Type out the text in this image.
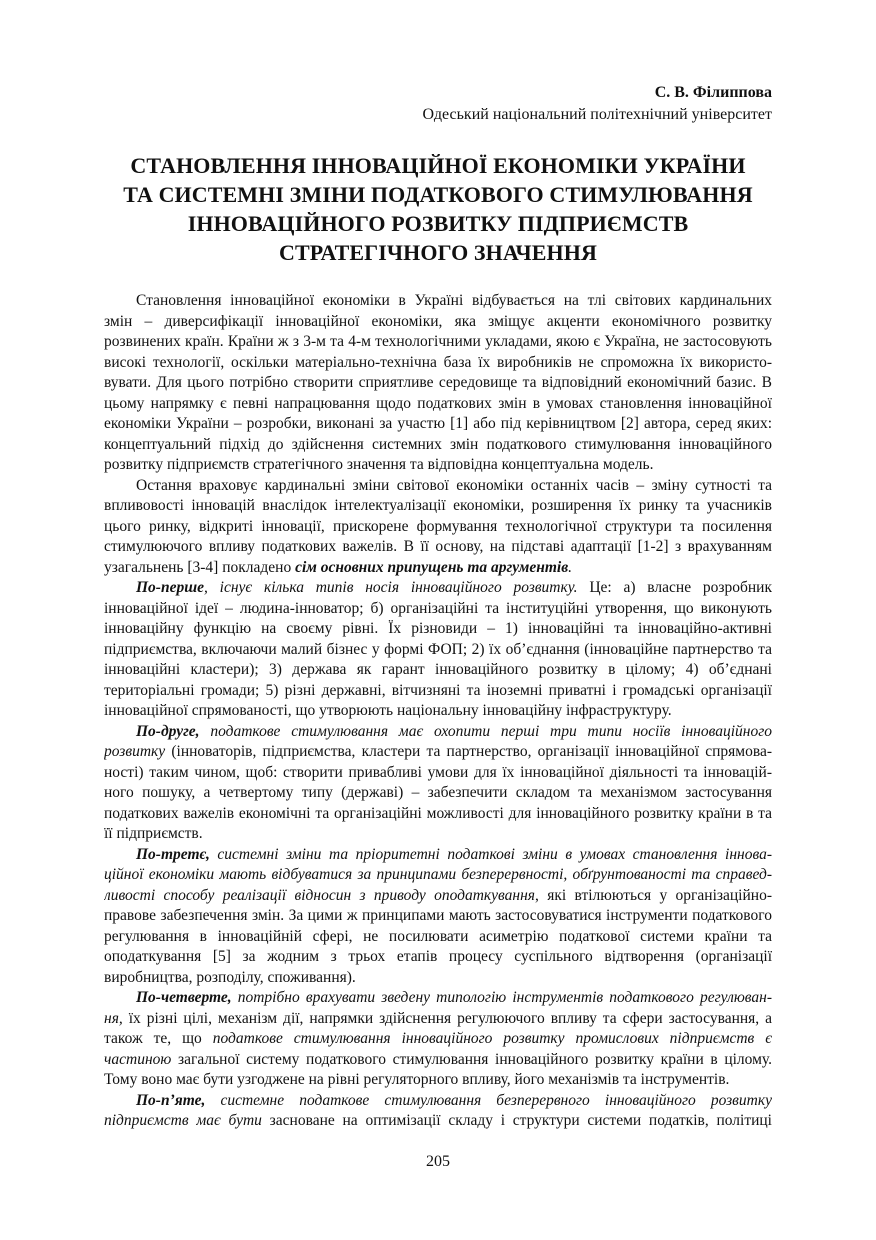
С. В. Філиппова
Одеський національний політехнічний університет
СТАНОВЛЕННЯ ІННОВАЦІЙНОЇ ЕКОНОМІКИ УКРАЇНИ
ТА СИСТЕМНІ ЗМІНИ ПОДАТКОВОГО СТИМУЛЮВАННЯ
ІННОВАЦІЙНОГО РОЗВИТКУ ПІДПРИЄМСТВ
СТРАТЕГІЧНОГО ЗНАЧЕННЯ
Становлення інноваційної економіки в Україні відбувається на тлі світових кардинальних
змін – диверсифікації інноваційної економіки, яка зміщує акценти економічного розвитку
розвинених країн. Країни ж з 3-м та 4-м технологічними укладами, якою є Україна, не застосовують
високі технології, оскільки матеріально-технічна база їх виробників не спроможна їх використо-
вувати. Для цього потрібно створити сприятливе середовище та відповідний економічний базис. В
цьому напрямку є певні напрацювання щодо податкових змін в умовах становлення інноваційної
економіки України – розробки, виконані за участю [1] або під керівництвом [2] автора, серед яких:
концептуальний підхід до здійснення системних змін податкового стимулювання інноваційного
розвитку підприємств стратегічного значення та відповідна концептуальна модель.
Остання враховує кардинальні зміни світової економіки останніх часів – зміну сутності та
впливовості інновацій внаслідок інтелектуалізації економіки, розширення їх ринку та учасників
цього ринку, відкриті інновації, прискорене формування технологічної структури та посилення
стимулюючого впливу податкових важелів. В її основу, на підставі адаптації [1-2] з врахуванням
узагальнень [3-4] покладено сім основних припущень та аргументів.
По-перше, існує кілька типів носія інноваційного розвитку. Це: а) власне розробник
інноваційної ідеї – людина-інноватор; б) організаційні та інституційні утворення, що виконують
інноваційну функцію на своєму рівні. Їх різновиди – 1) інноваційні та інноваційно-активні
підприємства, включаючи малий бізнес у формі ФОП; 2) їх об’єднання (інноваційне партнерство та
інноваційні кластери); 3) держава як гарант інноваційного розвитку в цілому; 4) об’єднані
територіальні громади; 5) різні державні, вітчизняні та іноземні приватні і громадські організації
інноваційної спрямованості, що утворюють національну інноваційну інфраструктуру.
По-друге, податкове стимулювання має охопити перші три типи носіїв інноваційного
розвитку (інноваторів, підприємства, кластери та партнерство, організації інноваційної спрямова-
ності) таким чином, щоб: створити привабливі умови для їх інноваційної діяльності та інновацій-
ного пошуку, а четвертому типу (державі) – забезпечити складом та механізмом застосування
податкових важелів економічні та організаційні можливості для інноваційного розвитку країни в та
її підприємств.
По-третє, системні зміни та пріоритетні податкові зміни в умовах становлення іннова-
ційної економіки мають відбуватися за принципами безперервності, обґрунтованості та справед-
ливості способу реалізації відносин з приводу оподаткування, які втілюються у організаційно-
правове забезпечення змін. За цими ж принципами мають застосовуватися інструменти податкового
регулювання в інноваційній сфері, не посилювати асиметрію податкової системи країни та
оподаткування [5] за жодним з трьох етапів процесу суспільного відтворення (організації
виробництва, розподілу, споживання).
По-четверте, потрібно врахувати зведену типологію інструментів податкового регулюван-
ня, їх різні цілі, механізм дії, напрямки здійснення регулюючого впливу та сфери застосування, а
також те, що податкове стимулювання інноваційного розвитку промислових підприємств є
частиною загальної систему податкового стимулювання інноваційного розвитку країни в цілому.
Тому воно має бути узгоджене на рівні регуляторного впливу, його механізмів та інструментів.
По-п’яте, системне податкове стимулювання безперервного інноваційного розвитку
підприємств має бути засноване на оптимізації складу і структури системи податків, політиці
205
